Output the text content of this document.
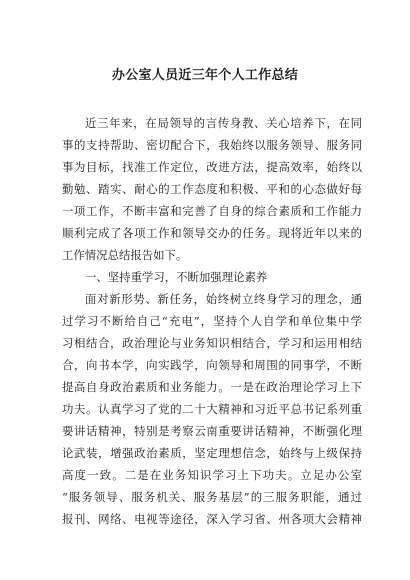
办公室人员近三年个人工作总结
近三年来，在局领导的言传身教、关心培养下，在同
事的支持帮助、密切配合下，我始终以服务领导、服务同
事为目标，找准工作定位，改进方法，提高效率，始终以
勤勉、踏实、耐心的工作态度和积极、平和的心态做好每
一项工作，不断丰富和完善了自身的综合素质和工作能力
顺利完成了各项工作和领导交办的任务。现将近年以来的
工作情况总结报告如下。
一、坚持重学习，不断加强理论素养
面对新形势、新任务，始终树立终身学习的理念，通
过学习不断给自己“充电”，坚持个人自学和单位集中学
习相结合，政治理论与业务知识相结合，学习和运用相结
合，向书本学，向实践学，向领导和周围的同事学，不断
提高自身政治素质和业务能力。一是在政治理论学习上下
功夫。认真学习了党的二十大精神和习近平总书记系列重
要讲话精神，特别是考察云南重要讲话精神，不断强化理
论武装，增强政治素质，坚定理想信念，始终与上级保持
高度一致。二是在业务知识学习上下功夫。立足办公室
“服务领导、服务机关、服务基层”的三服务职能，通过
报刊、网络、电视等途径，深入学习省、州各项大会精神
